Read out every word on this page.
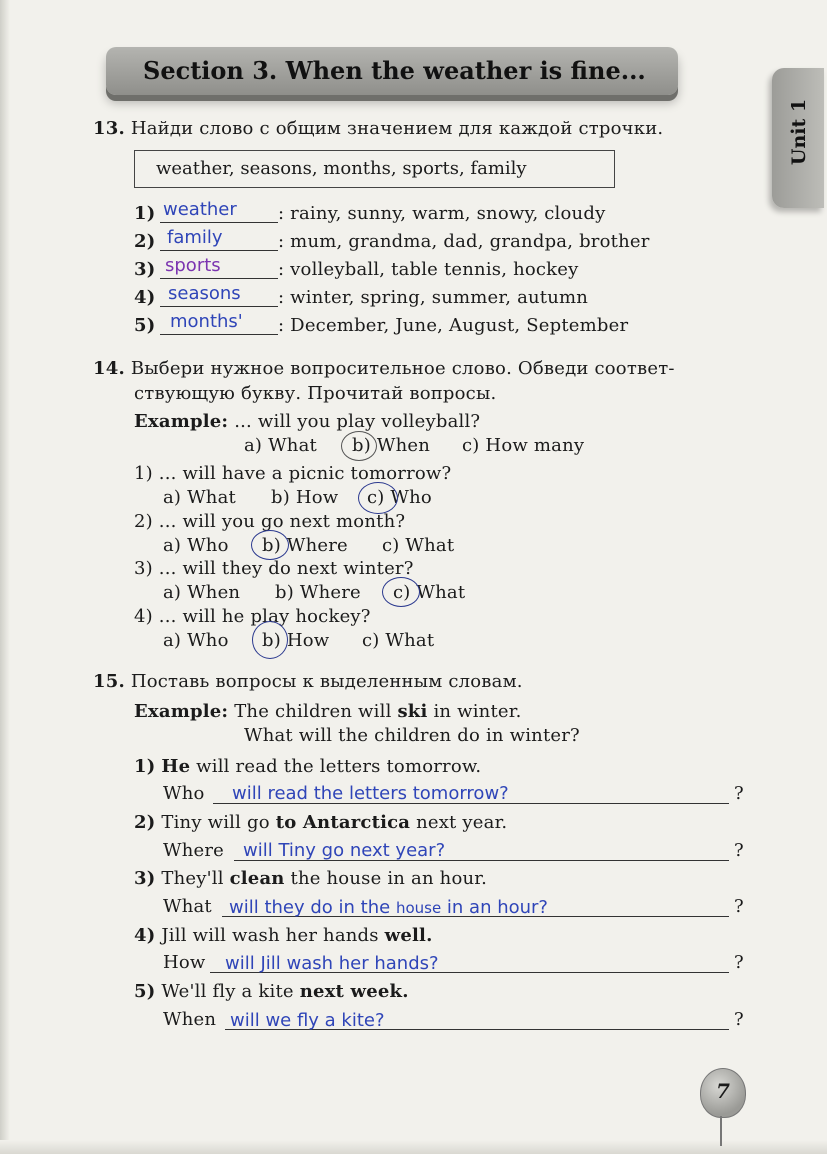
Section 3. When the weather is fine...
Unit 1
13. Найди слово с общим значением для каждой строчки.
weather, seasons, months, sports, family
1) weather : rainy, sunny, warm, snowy, cloudy
2) family	: mum, grandma, dad, grandpa, brother
3) sports	: volleyball, table tennis, hockey
4) seasons : winter, spring, summer, autumn
5) months' : December, June, August, September
14. Выбери нужное вопросительное слово. Обведи соответ-
ствующую букву. Прочитай вопросы.
Example: ... will you play volleyball?
a) What b) When c) How many
1) ... will have a picnic tomorrow?
a) What b) How c) Who
2) ... will you go next month?
a) Who b) Where c) What
3) ... will they do next winter?
a) When b) Where c) What
4) ... will he play hockey?
a) Who b) How c) What
15. Поставь вопросы к выделенным словам.
Example: The children will ski in winter.
What will the children do in winter?
1) He will read the letters tomorrow.
Who will read the letters tomorrow?	?
2) Tiny will go to Antarctica next year.
Where will Tiny go next year?	?
3) They'll clean the house in an hour.
What will they do in the house in an hour?	?
4) Jill will wash her hands well.
How will Jill wash her hands?	?
5) We'll fly a kite next week.
When will we fly a kite?	?
7
